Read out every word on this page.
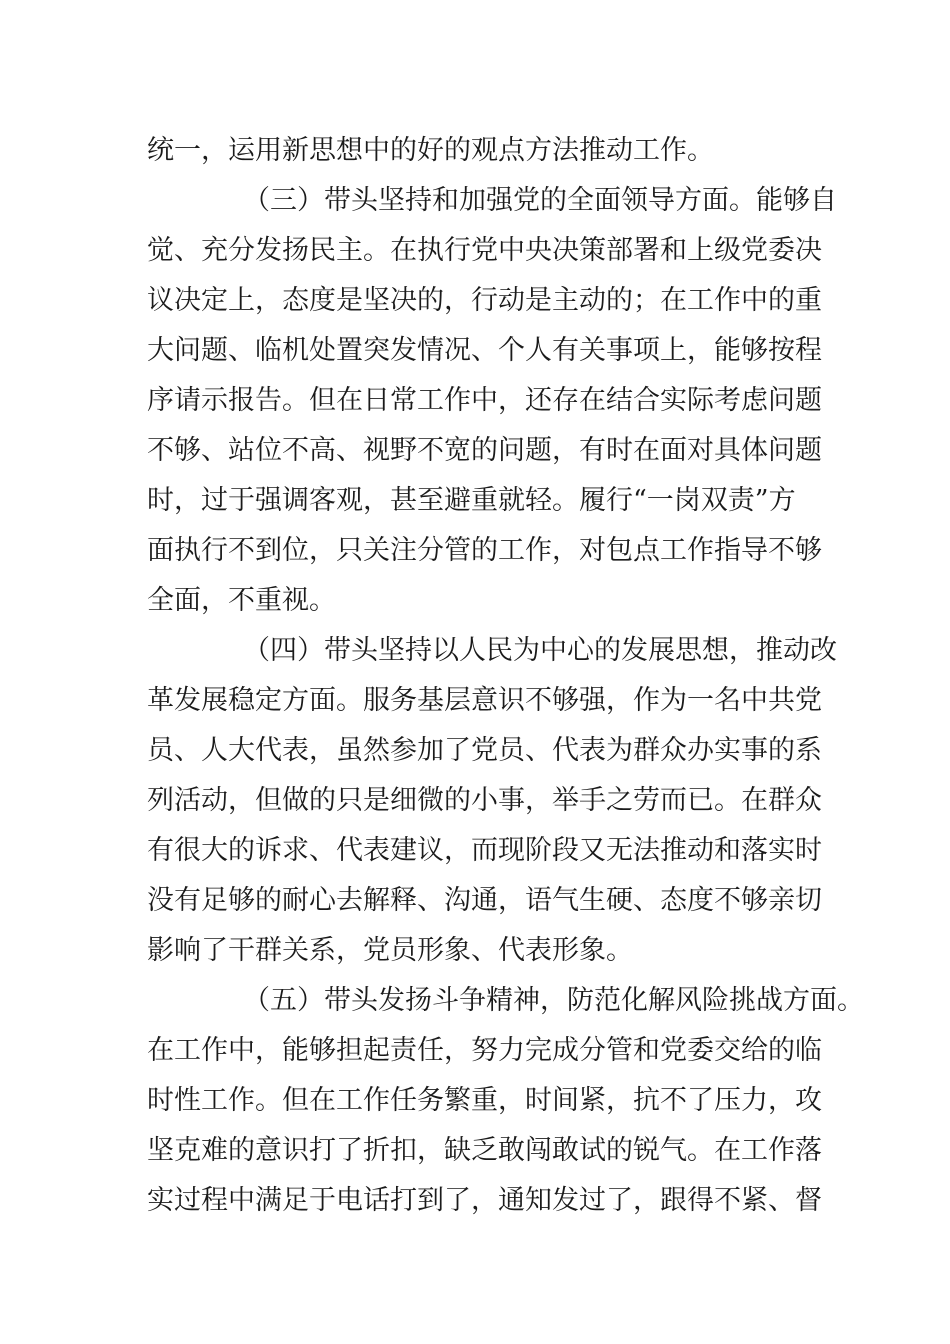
统一，运用新思想中的好的观点方法推动工作。
（三）带头坚持和加强党的全面领导方面。能够自
觉、充分发扬民主。在执行党中央决策部署和上级党委决
议决定上，态度是坚决的，行动是主动的；在工作中的重
大问题、临机处置突发情况、个人有关事项上，能够按程
序请示报告。但在日常工作中，还存在结合实际考虑问题
不够、站位不高、视野不宽的问题，有时在面对具体问题
时，过于强调客观，甚至避重就轻。履行“一岗双责”方
面执行不到位，只关注分管的工作，对包点工作指导不够
全面，不重视。
（四）带头坚持以人民为中心的发展思想，推动改
革发展稳定方面。服务基层意识不够强，作为一名中共党
员、人大代表，虽然参加了党员、代表为群众办实事的系
列活动，但做的只是细微的小事，举手之劳而已。在群众
有很大的诉求、代表建议，而现阶段又无法推动和落实时
没有足够的耐心去解释、沟通，语气生硬、态度不够亲切
影响了干群关系，党员形象、代表形象。
（五）带头发扬斗争精神，防范化解风险挑战方面。
在工作中，能够担起责任，努力完成分管和党委交给的临
时性工作。但在工作任务繁重，时间紧，抗不了压力，攻
坚克难的意识打了折扣，缺乏敢闯敢试的锐气。在工作落
实过程中满足于电话打到了，通知发过了，跟得不紧、督
